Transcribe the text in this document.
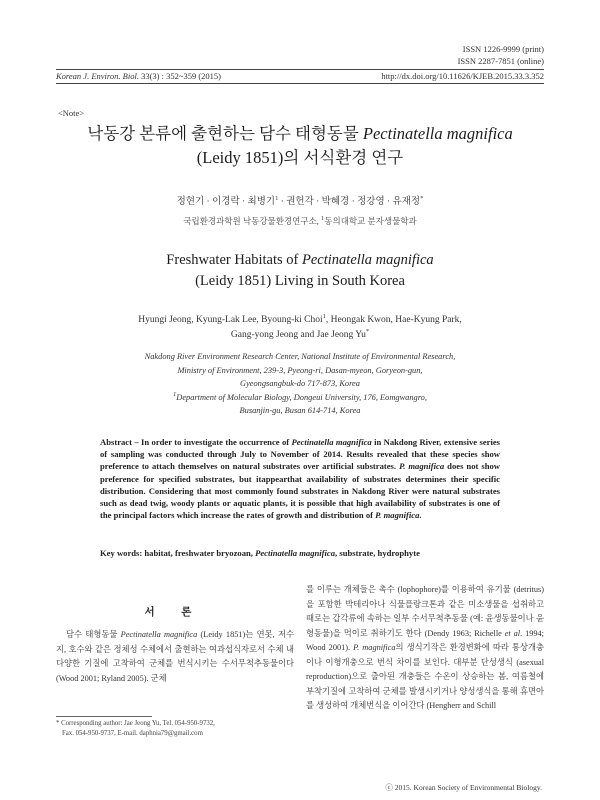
ISSN 1226-9999 (print)
ISSN 2287-7851 (online)
Korean J. Environ. Biol. 33(3) : 352~359 (2015)	http://dx.doi.org/10.11626/KJEB.2015.33.3.352
<Note>
낙동강 본류에 출현하는 담수 태형동물 Pectinatella magnifica
(Leidy 1851)의 서식환경 연구
정현기 · 이경락 · 최병기$^1$ · 권헌각 · 박혜경 · 정강영 · 유재정*
국립환경과학원 낙동강물환경연구소, $^1$동의대학교 분자생물학과
Freshwater Habitats of Pectinatella magnifica
(Leidy 1851) Living in South Korea
Hyungi Jeong, Kyung-Lak Lee, Byoung-ki Choi$^1$, Heongak Kwon, Hae-Kyung Park,
Gang-yong Jeong and Jae Jeong Yu*
Nakdong River Environment Research Center, National Institute of Environmental Research,
Ministry of Environment, 239-3, Pyeong-ri, Dasan-myeon, Goryeon-gun,
Gyeongsangbuk-do 717-873, Korea
$^1$Department of Molecular Biology, Dongeui University, 176, Eomgwangro,
Busanjin-gu, Busan 614-714, Korea
Abstract – In order to investigate the occurrence of Pectinatella magnifica in Nakdong River, extensive series of sampling was conducted through July to November of 2014. Results revealed that these species show preference to attach themselves on natural substrates over artificial substrates. P. magnifica does not show preference for specified substrates, but itappearthat availability of substrates determines their specific distribution. Considering that most commonly found substrates in Nakdong River were natural substrates such as dead twig, woody plants or aquatic plants, it is possible that high availability of substrates is one of the principal factors which increase the rates of growth and distribution of P. magnifica.
Key words: habitat, freshwater bryozoan, Pectinatella magnifica, substrate, hydrophyte
서 론
담수 태형동물 Pectinatella magnifica (Leidy 1851)는 연못, 저수지, 호수와 같은 정체성 수체에서 출현하는 여과섭식자로서 수체 내 다양한 기질에 고착하여 군체를 번식시키는 수서무척추동물이다 (Wood 2001; Ryland 2005). 군체
를 이루는 개체들은 촉수 (lophophore)를 이용하여 유기물 (detritus)을 포함한 박테리아나 식물플랑크톤과 같은 미소생물을 섭취하고 때로는 갑각류에 속하는 일부 수서무척추동물 (예: 윤생동물이나 윤형동물)을 먹이로 취하기도 한다 (Dendy 1963; Richelle et al. 1994; Wood 2001). P. magnifica의 생식기작은 환경변화에 따라 통상개충이나 이형개충으로 번식 차이를 보인다. 대부분 단성생식 (asexual reproduction)으로 출아된 개충들은 수온이 상승하는 봄, 여름철에 부착기질에 고착하여 군체를 발생시키거나 양성생식을 통해 휴면아를 생성하여 개체번식을 이어간다 (Hengherr and Schill
* Corresponding author: Jae Jeong Yu, Tel. 054-950-9732,
Fax. 054-950-9737, E-mail. daphnia79@gmail.com
ⓒ 2015. Korean Society of Environmental Biology.
